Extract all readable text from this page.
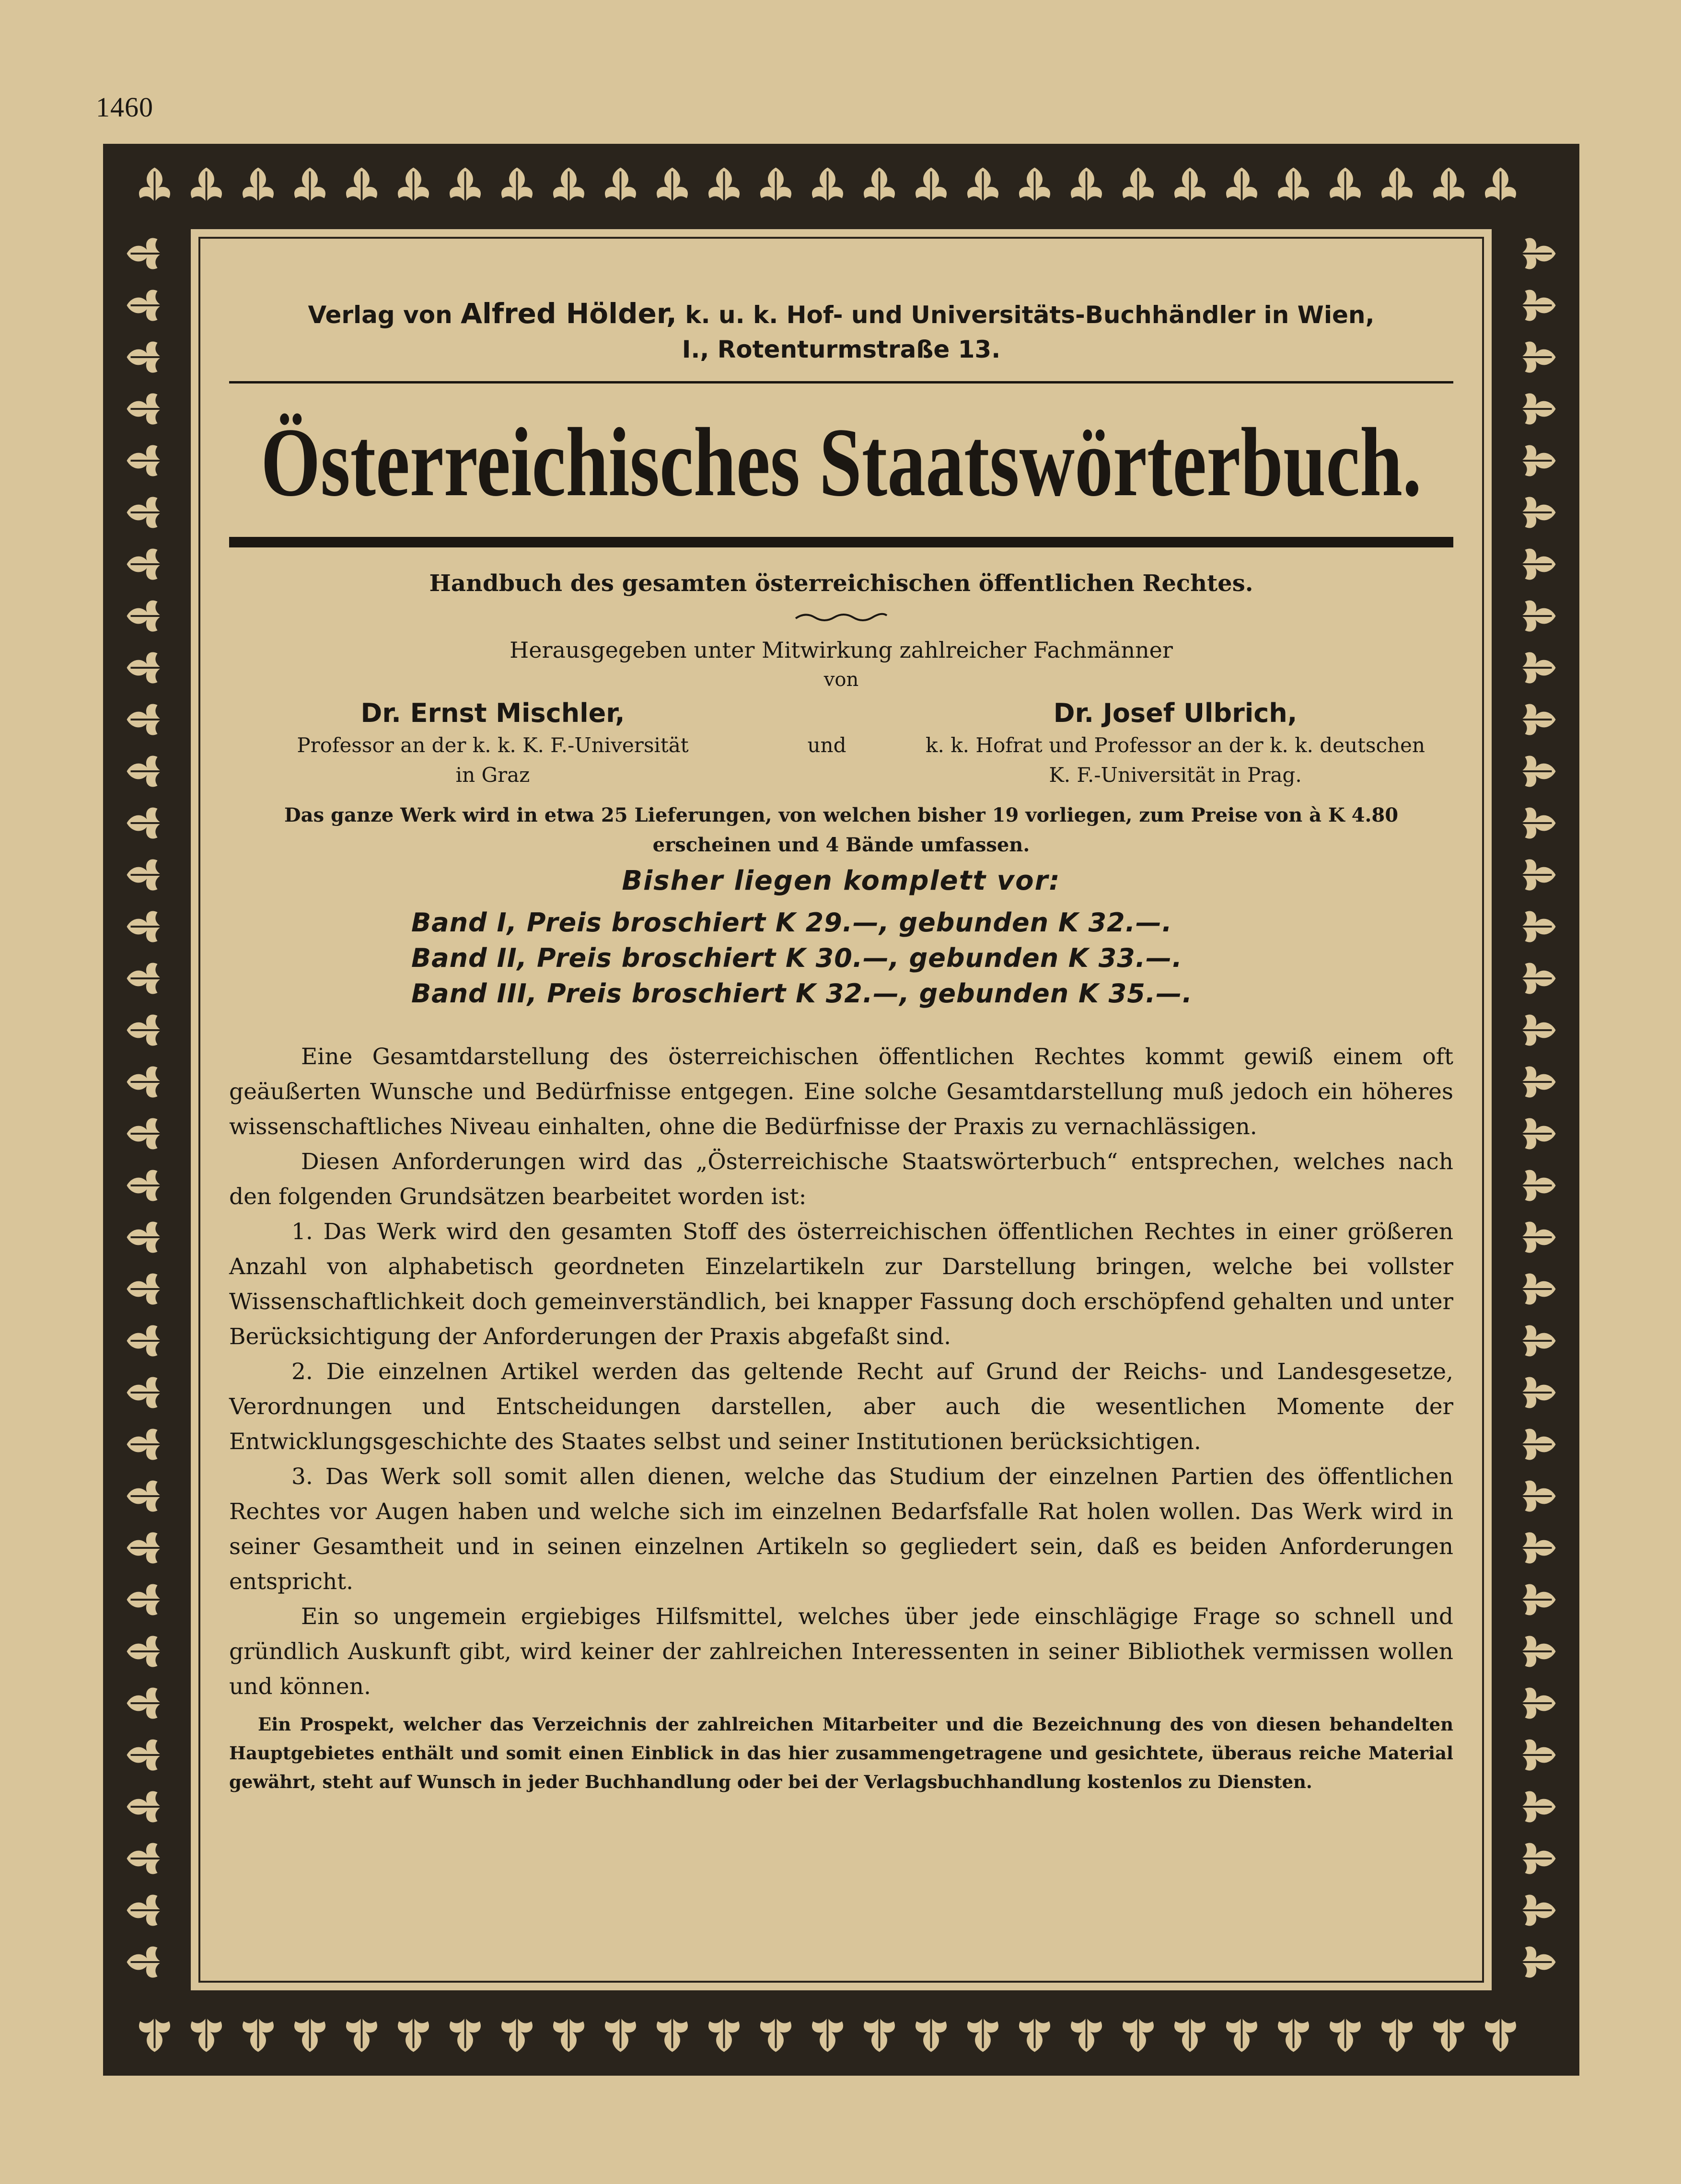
1460
Verlag von Alfred Hölder, k. u. k. Hof- und Universitäts-Buchhändler in Wien,
I., Rotenturmstraße 13.
Österreichisches Staatswörterbuch.
Handbuch des gesamten österreichischen öffentlichen Rechtes.
Herausgegeben unter Mitwirkung zahlreicher Fachmänner
von
Dr. Ernst Mischler,
Professor an der k. k. K. F.-Universität
in Graz
und
Dr. Josef Ulbrich,
k. k. Hofrat und Professor an der k. k. deutschen
K. F.-Universität in Prag.
Das ganze Werk wird in etwa 25 Lieferungen, von welchen bisher 19 vorliegen, zum Preise von à K 4.80
erscheinen und 4 Bände umfassen.
Bisher liegen komplett vor:
Band I, Preis broschiert K 29.—, gebunden K 32.—.
Band II, Preis broschiert K 30.—, gebunden K 33.—.
Band III, Preis broschiert K 32.—, gebunden K 35.—.

Eine Gesamtdarstellung des österreichischen öffentlichen Rechtes kommt gewiß einem oft geäußerten Wunsche und Bedürfnisse entgegen. Eine solche Gesamtdarstellung muß jedoch ein höheres wissenschaftliches Niveau einhalten, ohne die Bedürfnisse der Praxis zu vernachlässigen.

Diesen Anforderungen wird das „Österreichische Staatswörterbuch“ entsprechen, welches nach den folgenden Grundsätzen bearbeitet worden ist:

1. Das Werk wird den gesamten Stoff des österreichischen öffentlichen Rechtes in einer größeren Anzahl von alphabetisch geordneten Einzelartikeln zur Darstellung bringen, welche bei vollster Wissenschaftlichkeit doch gemeinverständlich, bei knapper Fassung doch erschöpfend gehalten und unter Berücksichtigung der Anforderungen der Praxis abgefaßt sind.

2. Die einzelnen Artikel werden das geltende Recht auf Grund der Reichs- und Landesgesetze, Verordnungen und Entscheidungen darstellen, aber auch die wesentlichen Momente der Entwicklungsgeschichte des Staates selbst und seiner Institutionen berücksichtigen.

3. Das Werk soll somit allen dienen, welche das Studium der einzelnen Partien des öffentlichen Rechtes vor Augen haben und welche sich im einzelnen Bedarfsfalle Rat holen wollen. Das Werk wird in seiner Gesamtheit und in seinen einzelnen Artikeln so gegliedert sein, daß es beiden Anforderungen entspricht.

Ein so ungemein ergiebiges Hilfsmittel, welches über jede einschlägige Frage so schnell und gründlich Auskunft gibt, wird keiner der zahlreichen Interessenten in seiner Bibliothek vermissen wollen und können.

Ein Prospekt, welcher das Verzeichnis der zahlreichen Mitarbeiter und die Bezeichnung des von diesen behandelten Hauptgebietes enthält und somit einen Einblick in das hier zusammengetragene und gesichtete, überaus reiche Material gewährt, steht auf Wunsch in jeder Buchhandlung oder bei der Verlagsbuchhandlung kostenlos zu Diensten.
